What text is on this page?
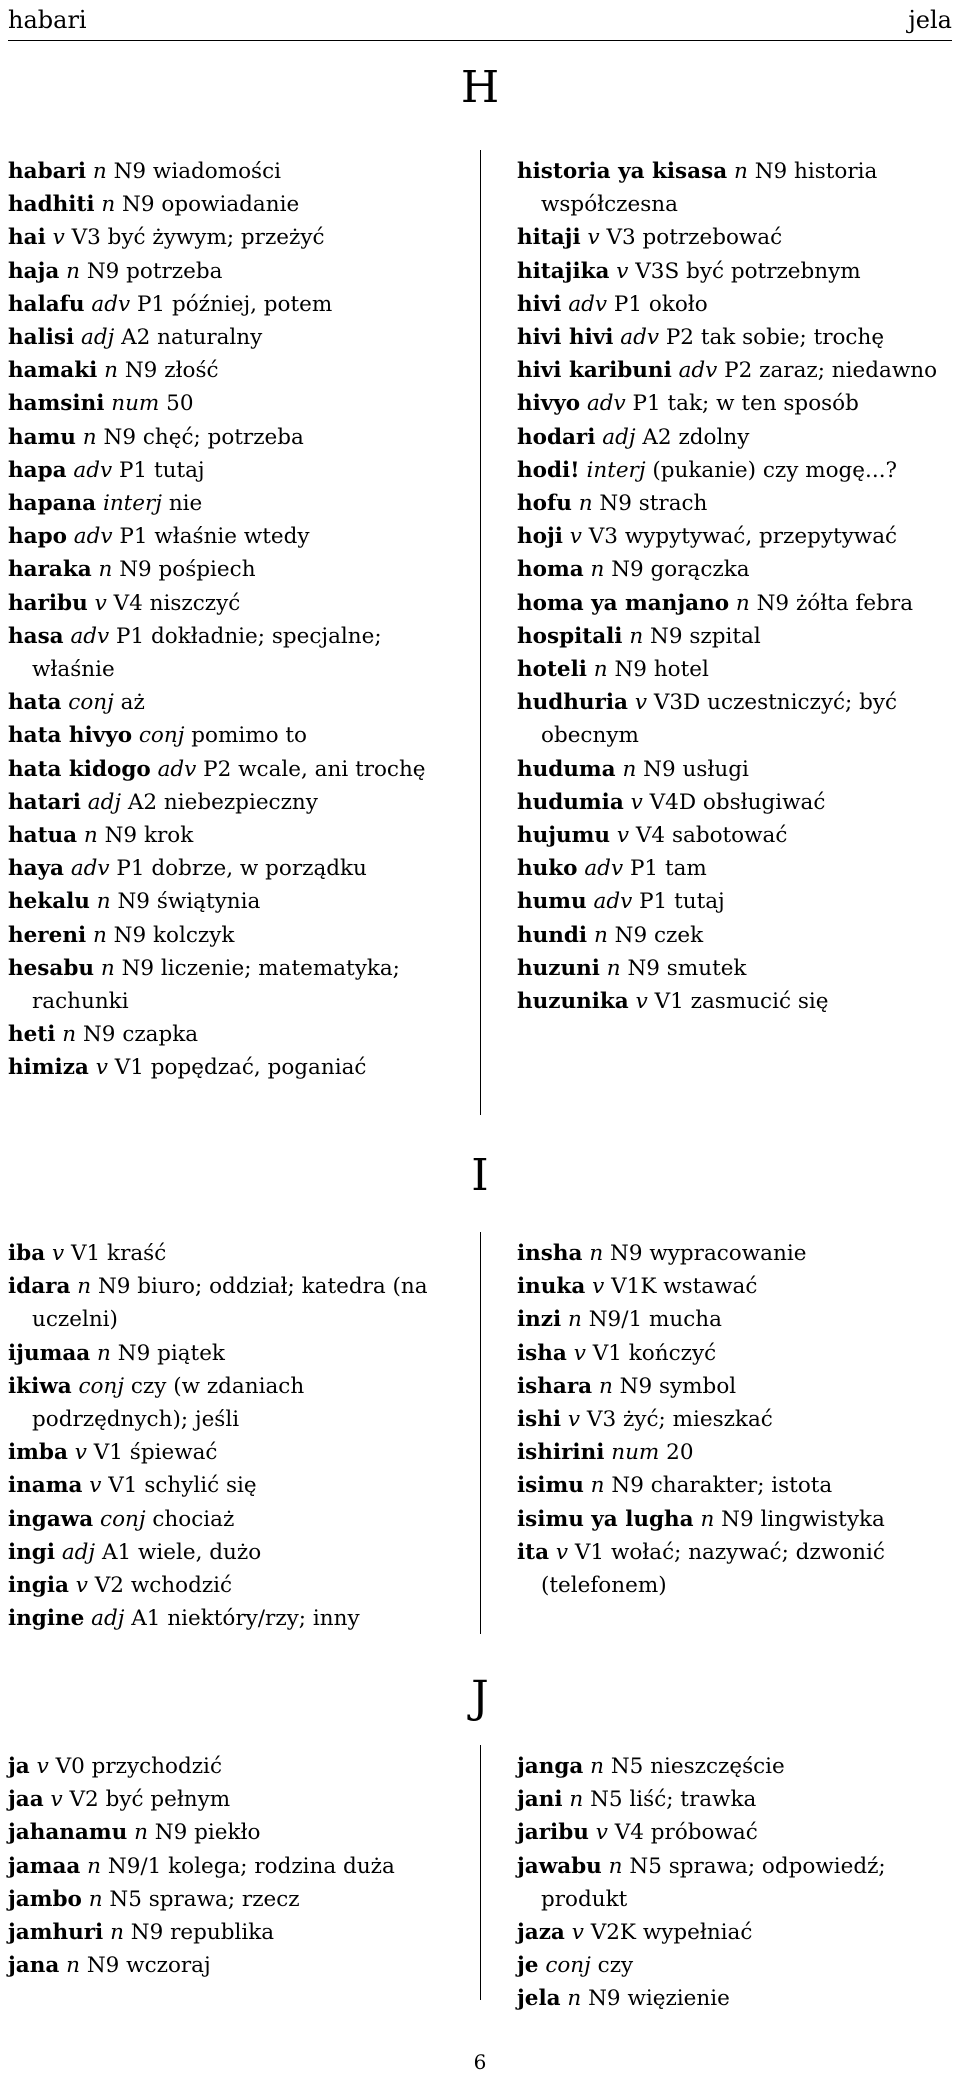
habari	jela
H
habari n N9 wiadomości
hadhiti n N9 opowiadanie
hai v V3 być żywym; przeżyć
haja n N9 potrzeba
halafu adv P1 później, potem
halisi adj A2 naturalny
hamaki n N9 złość
hamsini num 50
hamu n N9 chęć; potrzeba
hapa adv P1 tutaj
hapana interj nie
hapo adv P1 właśnie wtedy
haraka n N9 pośpiech
haribu v V4 niszczyć
hasa adv P1 dokładnie; specjalne; właśnie
hata conj aż
hata hivyo conj pomimo to
hata kidogo adv P2 wcale, ani trochę
hatari adj A2 niebezpieczny
hatua n N9 krok
haya adv P1 dobrze, w porządku
hekalu n N9 świątynia
hereni n N9 kolczyk
hesabu n N9 liczenie; matematyka; rachunki
heti n N9 czapka
himiza v V1 popędzać, poganiać
historia ya kisasa n N9 historia współczesna
hitaji v V3 potrzebować
hitajika v V3S być potrzebnym
hivi adv P1 około
hivi hivi adv P2 tak sobie; trochę
hivi karibuni adv P2 zaraz; niedawno
hivyo adv P1 tak; w ten sposób
hodari adj A2 zdolny
hodi! interj (pukanie) czy mogę...?
hofu n N9 strach
hoji v V3 wypytywać, przepytywać
homa n N9 gorączka
homa ya manjano n N9 żółta febra
hospitali n N9 szpital
hoteli n N9 hotel
hudhuria v V3D uczestniczyć; być obecnym
huduma n N9 usługi
hudumia v V4D obsługiwać
hujumu v V4 sabotować
huko adv P1 tam
humu adv P1 tutaj
hundi n N9 czek
huzuni n N9 smutek
huzunika v V1 zasmucić się
I
iba v V1 kraść
idara n N9 biuro; oddział; katedra (na uczelni)
ijumaa n N9 piątek
ikiwa conj czy (w zdaniach podrzędnych); jeśli
imba v V1 śpiewać
inama v V1 schylić się
ingawa conj chociaż
ingi adj A1 wiele, dużo
ingia v V2 wchodzić
ingine adj A1 niektóry/rzy; inny
insha n N9 wypracowanie
inuka v V1K wstawać
inzi n N9/1 mucha
isha v V1 kończyć
ishara n N9 symbol
ishi v V3 żyć; mieszkać
ishirini num 20
isimu n N9 charakter; istota
isimu ya lugha n N9 lingwistyka
ita v V1 wołać; nazywać; dzwonić (telefonem)
J
ja v V0 przychodzić
jaa v V2 być pełnym
jahanamu n N9 piekło
jamaa n N9/1 kolega; rodzina duża
jambo n N5 sprawa; rzecz
jamhuri n N9 republika
jana n N9 wczoraj
janga n N5 nieszczęście
jani n N5 liść; trawka
jaribu v V4 próbować
jawabu n N5 sprawa; odpowiedź; produkt
jaza v V2K wypełniać
je conj czy
jela n N9 więzienie
6
